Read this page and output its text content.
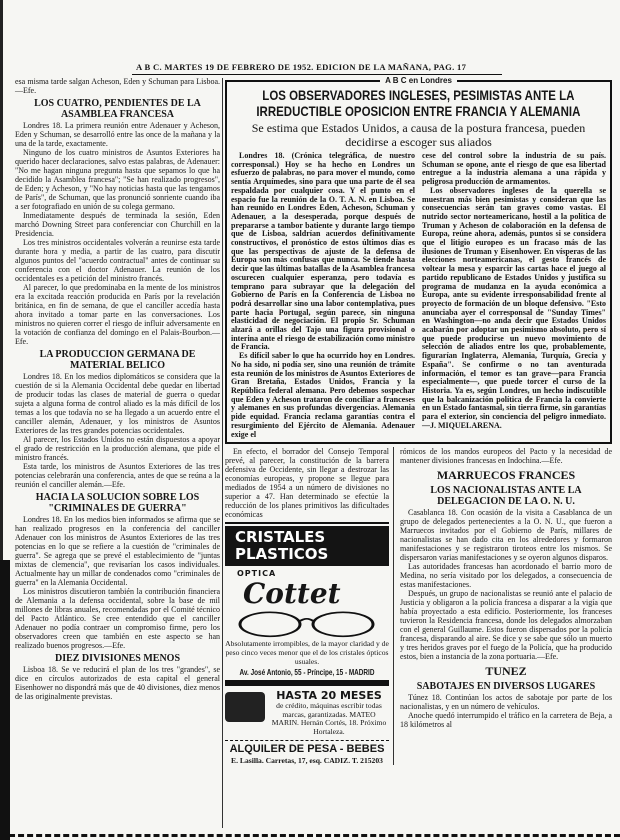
A B C. MARTES 19 DE FEBRERO DE 1952. EDICION DE LA MAÑANA, PAG. 17

esa misma tarde salgan Acheson, Eden y Schuman para Lisboa.—Efe.

LOS CUATRO, PENDIENTES DE LA ASAMBLEA FRANCESA

Londres 18. La primera reunión entre Adenauer y Acheson, Eden y Schuman, se desarrolló entre las once de la mañana y la una de la tarde, exactamente.

Ninguno de los cuatro ministros de Asuntos Exteriores ha querido hacer declaraciones, salvo estas palabras, de Adenauer: "No me hagan ninguna pregunta hasta que sepamos lo que ha decidido la Asamblea francesa"; "Se han realizado progresos", de Eden; y Acheson, y "No hay noticias hasta que las tengamos de París", de Schuman, que las pronunció sonriente cuando iba a ser fotografiado en unión de su colega germano.

Inmediatamente después de terminada la sesión, Eden marchó Downing Street para conferenciar con Churchill en la Presidencia.

Los tres ministros occidentales volverán a reunirse esta tarde durante hora y media, a partir de las cuatro, para discutir algunos puntos del "acuerdo contractual" antes de continuar su conferencia con el doctor Adenauer. La reunión de los occidentales es a petición del ministro francés.

Al parecer, lo que predominaba en la mente de los ministros era la excitada reacción producida en París por la revelación británica, en fin de semana, de que el canciller accedía hasta ahora invitado a tomar parte en las conversaciones. Los ministros no quieren correr el riesgo de influir adversamente en la votación de confianza del domingo en el Palais-Bourbon.—Efe.

LA PRODUCCION GERMANA DE MATERIAL BELICO

Londres 18. En los medios diplomáticos se considera que la cuestión de si la Alemania Occidental debe quedar en libertad de producir todas las clases de material de guerra o quedar sujeta a alguna forma de control aliado es la más difícil de los temas a los que todavía no se ha llegado a un acuerdo entre el canciller alemán, Adenauer, y los ministros de Asuntos Exteriores de las tres grandes potencias occidentales.

Al parecer, los Estados Unidos no están dispuestos a apoyar el grado de restricción en la producción alemana, que pide el ministro francés.

Esta tarde, los ministros de Asuntos Exteriores de las tres potencias celebrarán una conferencia, antes de que se reúna a la reunión el canciller alemán.—Efe.

HACIA LA SOLUCION SOBRE LOS "CRIMINALES DE GUERRA"

Londres 18. En los medios bien informados se afirma que se han realizado progresos en la conferencia del canciller Adenauer con los ministros de Asuntos Exteriores de las tres potencias en lo que se refiere a la cuestión de "criminales de guerra". Se agrega que se prevé el establecimiento de "juntas mixtas de clemencia", que revisarían los casos individuales. Actualmente hay un millar de condenados como "criminales de guerra" en la Alemania Occidental.

Los ministros discutieron también la contribución financiera de Alemania a la defensa occidental, sobre la base de mil millones de libras anuales, recomendadas por el Comité técnico del Pacto Atlántico. Se cree entendido que el canciller Adenauer no podía contraer un compromiso firme, pero los observadores creen que también en este aspecto se han realizado buenos progresos.—Efe.

DIEZ DIVISIONES MENOS

Lisboa 18. Se ve reducirá el plan de los tres "grandes", se dice en círculos autorizados de esta capital el general Eisenhower no dispondrá más que de 40 divisiones, diez menos de las originalmente previstas.

A B C en Londres
LOS OBSERVADORES INGLESES, PESIMISTAS ANTE LA IRREDUCTIBLE OPOSICION ENTRE FRANCIA Y ALEMANIA
Se estima que Estados Unidos, a causa de la postura francesa, pueden decidirse a escoger sus aliados

Londres 18. (Crónica telegráfica, de nuestro corresponsal.) Hoy se ha hecho en Londres un esfuerzo de palabras, no para mover el mundo, como sentía Arquímedes, sino para que una parte de él sea respaldada por cualquier cosa. Y el punto en el espacio fue la reunión de la O. T. A. N. en Lisboa. Se han reunido en Londres Eden, Acheson, Schuman y Adenauer, a la desesperada, porque después de prepararse a tambor batiente y durante largo tiempo que de Lisboa, saldrían acuerdos definitivamente constructivos, el pronóstico de estos últimos días es que las perspectivas de ajuste de la defensa de Europa son más confusas que nunca. Se tiende hasta decir que las últimas batallas de la Asamblea francesa oscurecen cualquier esperanza, pero todavía es temprano para subrayar que la delegación del Gobierno de París en la Conferencia de Lisboa no podrá desarrollar sino una labor contemplativa, pues parte hacia Portugal, según parece, sin ninguna elasticidad de negociación. El propio Sr. Schuman alzará a orillas del Tajo una figura provisional o interina ante el riesgo de estabilización como ministro de Francia.

Es difícil saber lo que ha ocurrido hoy en Londres. No ha sido, ni podía ser, sino una reunión de trámite esta reunión de los ministros de Asuntos Exteriores de Gran Bretaña, Estados Unidos, Francia y la República federal alemana. Pero debemos sospechar que Eden y Acheson trataron de conciliar a franceses y alemanes en sus profundas divergencias. Alemania pide equidad. Francia reclama garantías contra el resurgimiento del Ejército de Alemania. Adenauer exige el

cese del control sobre la industria de su país. Schuman se opone, ante el riesgo de que esa libertad entregue a la industria alemana a una rápida y peligrosa producción de armamentos.

Los observadores ingleses de la querella se muestran más bien pesimistas y consideran que las consecuencias serán tan graves como vastas. El nutrido sector norteamericano, hostil a la política de Truman y Acheson de colaboración en la defensa de Europa, reúne ahora, además, puntos si se considera que el litigio europeo es un fracaso más de las ilusiones de Truman y Eisenhower. En vísperas de las elecciones norteamericanas, el gesto francés de voltear la mesa y esparcir las cartas hace el juego al partido republicano de Estados Unidos y justifica su programa de mudanza en la ayuda económica a Europa, ante su evidente irresponsabilidad frente al proyecto de formación de un bloque defensivo. "Esto anunciaba ayer el corresponsal de "Sunday Times" en Washington—no anda decir que Estados Unidos acabarán por adoptar un pesimismo absoluto, pero sí que puede producirse un nuevo movimiento de selección de aliados entre los que, probablemente, figurarían Inglaterra, Alemania, Turquía, Grecia y España". Se confirme o no tan aventurada información, el temor es tan grave—para Francia especialmente—, que puede torcer el curso de la Historia. Ya es, según Londres, un hecho indiscutible que la balcanización política de Francia la convierte en un Estado fantasmal, sin tierra firme, sin garantías para el exterior, sin conciencia del peligro inmediato.—J. MIQUELARENA.

En efecto, el borrador del Consejo Temporal prevé, al parecer, la constitución de la barrera defensiva de Occidente, sin llegar a destrozar las economías europeas, y propone se llegue para mediados de 1954 a un número de divisiones no superior a 47. Han determinado se efectúe la reducción de los planes primitivos las dificultades económicas

CRISTALES PLASTICOS
OPTICA
Cottet
Absolutamente irrompibles, de la mayor claridad y de peso cinco veces menor que el de los cristales ópticos usuales.
Av. José Antonio, 55 - Príncipe, 15 - MADRID
HASTA 20 MESES
de crédito, máquinas escribir todas marcas, garantizadas. MATEO MARIN. Hernán Cortés, 18. Próximo Hortaleza.
ALQUILER DE PESA - BEBES
E. Lasilla. Carretas, 17, esq. CADIZ. T. 215203

rómicos de los mandos europeos del Pacto y la necesidad de mantener divisiones francesas en Indochina.—Efe.

MARRUECOS FRANCES
LOS NACIONALISTAS ANTE LA DELEGACION DE LA O. N. U.

Casablanca 18. Con ocasión de la visita a Casablanca de un grupo de delegados pertenecientes a la O. N. U., que fueron a Marruecos invitados por el Gobierno de París, millares de nacionalistas se han dado cita en los alrededores y formaron manifestaciones y se registraron tiroteos entre los mismos. Se dispersaron varias manifestaciones y se oyeron algunos disparos.

Las autoridades francesas han acordonado el barrio moro de Medina, no sería visitado por los delegados, a consecuencia de estas manifestaciones.

Después, un grupo de nacionalistas se reunió ante el palacio de Justicia y obligaron a la policía francesa a disparar a la vigía que había proyectado a esta edificio. Posteriormente, los franceses tuvieron la Residencia francesa, donde los delegados almorzaban con el general Guillaume. Estos fueron dispersados por la policía francesa, disparando al aire. Se dice y se sabe que sólo un muerto y tres heridos graves por el fuego de la Policía, que ha producido estos, bien a instancia de la zona portuaria.—Efe.

TUNEZ
SABOTAJES EN DIVERSOS LUGARES

Túnez 18. Continúan los actos de sabotaje por parte de los nacionalistas, y en un número de vehículos.

Anoche quedó interrumpido el tráfico en la carretera de Beja, a 18 kilómetros al
